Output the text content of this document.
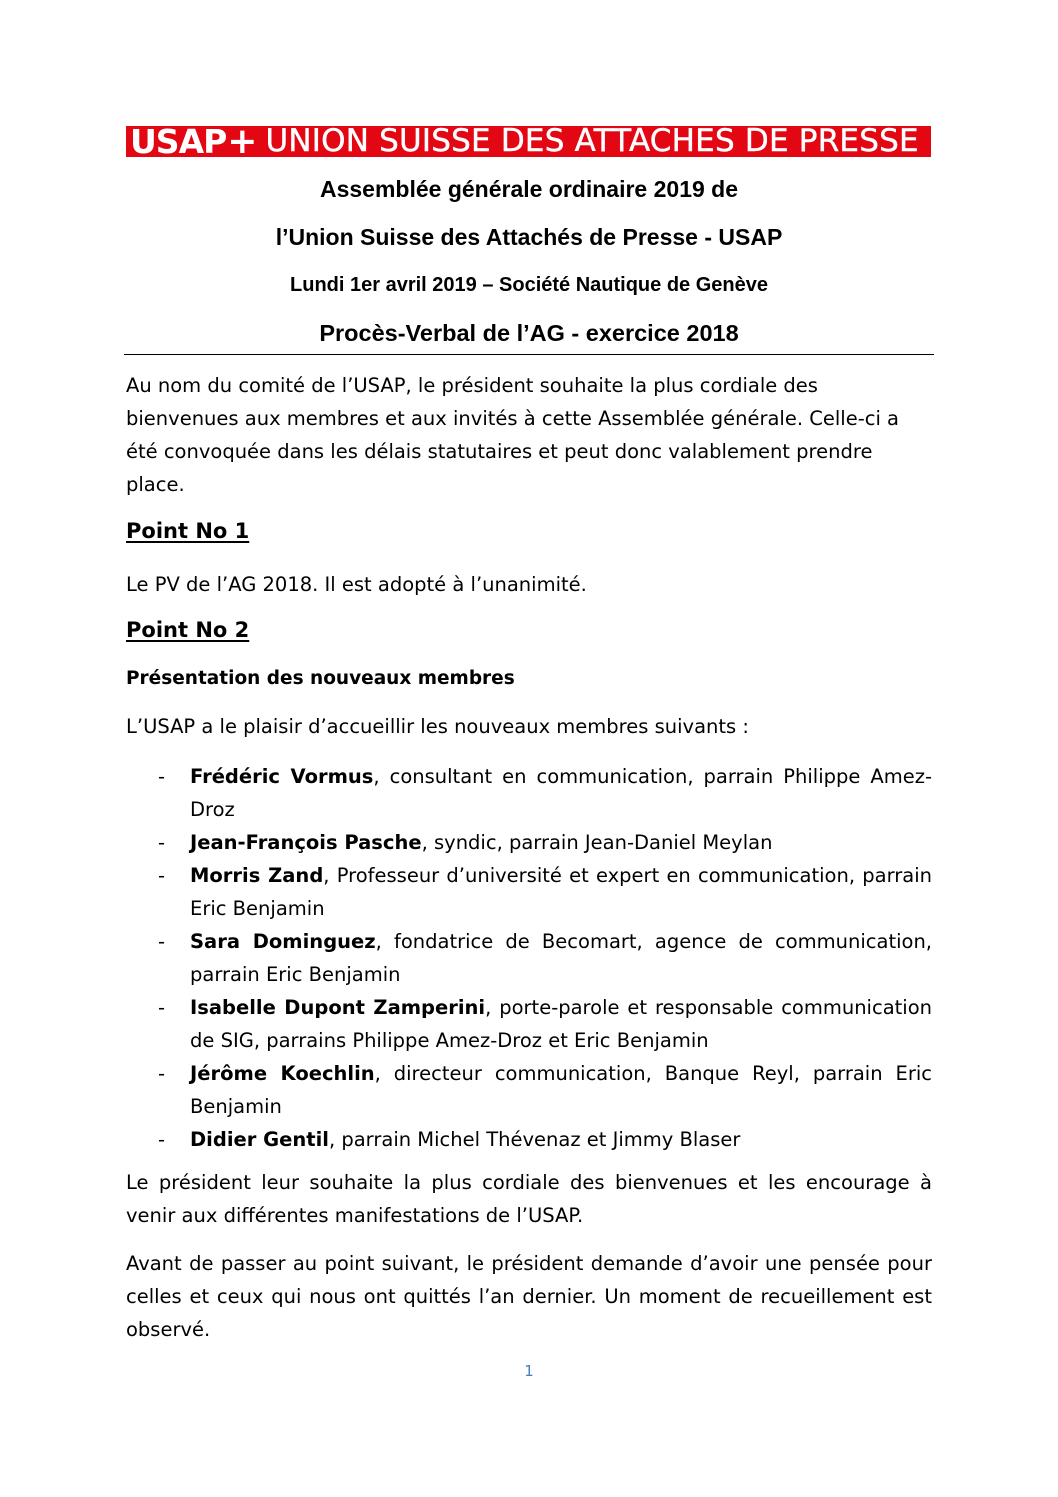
USAP + UNION SUISSE DES ATTACHES DE PRESSE
Assemblée générale ordinaire 2019 de
l’Union Suisse des Attachés de Presse - USAP
Lundi 1er avril 2019 – Société Nautique de Genève
Procès-Verbal de l’AG - exercice 2018

Au nom du comité de l’USAP, le président souhaite la plus cordiale des bienvenues aux membres et aux invités à cette Assemblée générale. Celle-ci a été convoquée dans les délais statutaires et peut donc valablement prendre place.

Point No 1

Le PV de l’AG 2018. Il est adopté à l’unanimité.

Point No 2
Présentation des nouveaux membres

L’USAP a le plaisir d’accueillir les nouveaux membres suivants :

- Frédéric Vormus, consultant en communication, parrain Philippe Amez-Droz
- Jean-François Pasche, syndic, parrain Jean-Daniel Meylan
- Morris Zand, Professeur d’université et expert en communication, parrain Eric Benjamin
- Sara Dominguez, fondatrice de Becomart, agence de communication, parrain Eric Benjamin
- Isabelle Dupont Zamperini, porte-parole et responsable communication de SIG, parrains Philippe Amez-Droz et Eric Benjamin
- Jérôme Koechlin, directeur communication, Banque Reyl, parrain Eric Benjamin
- Didier Gentil, parrain Michel Thévenaz et Jimmy Blaser

Le président leur souhaite la plus cordiale des bienvenues et les encourage à venir aux différentes manifestations de l’USAP.

Avant de passer au point suivant, le président demande d’avoir une pensée pour celles et ceux qui nous ont quittés l’an dernier. Un moment de recueillement est observé.

1
